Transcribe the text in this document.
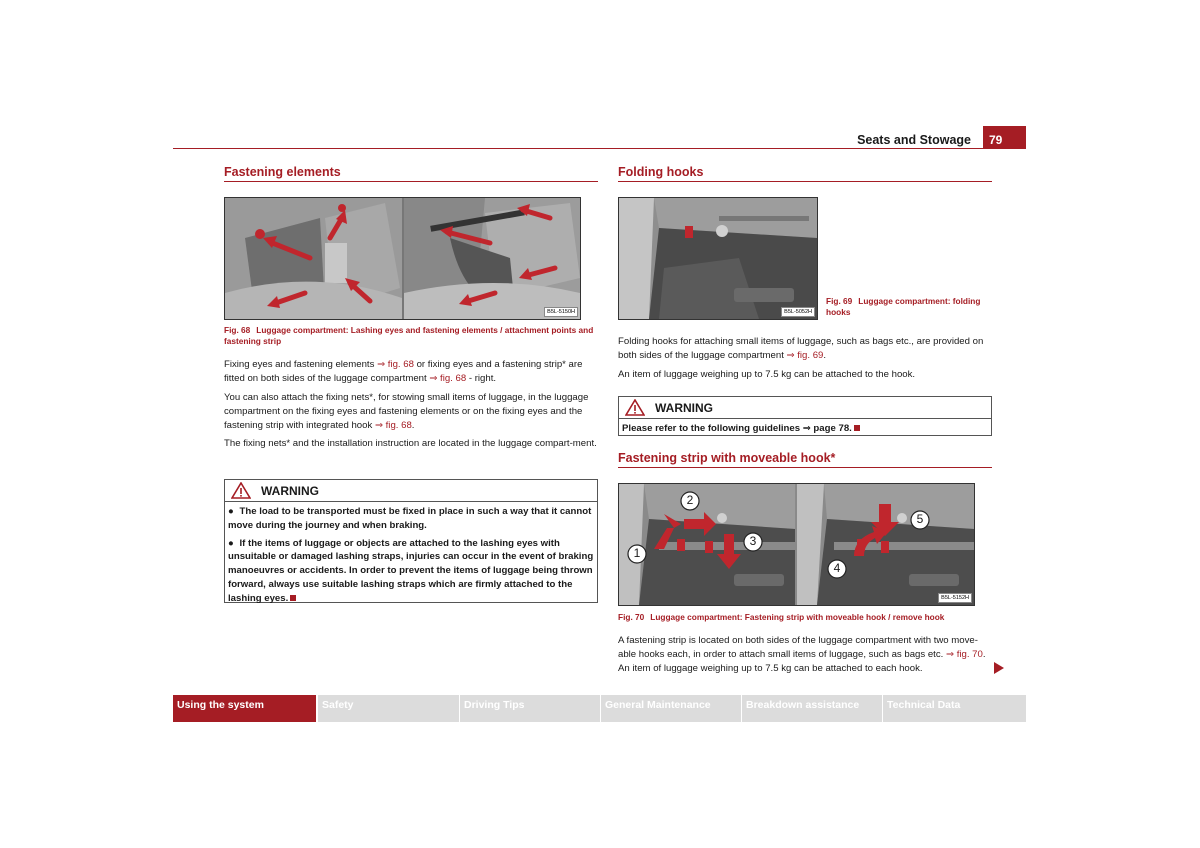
Seats and Stowage	79
Fastening elements
B5L-5150H
Fig. 68 Luggage compartment: Lashing eyes and fastening elements / attachment points and fastening strip
Fixing eyes and fastening elements ⇒ fig. 68 or fixing eyes and a fastening strip* are fitted on both sides of the luggage compartment ⇒ fig. 68 - right.
You can also attach the fixing nets*, for stowing small items of luggage, in the luggage compartment on the fixing eyes and fastening elements or on the fixing eyes and the fastening strip with integrated hook ⇒ fig. 68.
The fixing nets* and the installation instruction are located in the luggage compart-ment.
WARNING

● The load to be transported must be fixed in place in such a way that it cannot move during the journey and when braking.

● If the items of luggage or objects are attached to the lashing eyes with unsuitable or damaged lashing straps, injuries can occur in the event of braking manoeuvres or accidents. In order to prevent the items of luggage being thrown forward, always use suitable lashing straps which are firmly attached to the lashing eyes.

Folding hooks
B5L-5052H
Fig. 69 Luggage compartment: folding hooks
Folding hooks for attaching small items of luggage, such as bags etc., are provided on both sides of the luggage compartment ⇒ fig. 69.
An item of luggage weighing up to 7.5 kg can be attached to the hook.
WARNING
Please refer to the following guidelines ⇒ page 78.
Fastening strip with moveable hook*
1
2
3
4
5
B5L-5152H
Fig. 70 Luggage compartment: Fastening strip with moveable hook / remove hook
A fastening strip is located on both sides of the luggage compartment with two move-able hooks each, in order to attach small items of luggage, such as bags etc. ⇒ fig. 70.
An item of luggage weighing up to 7.5 kg can be attached to each hook.
Using the system	Safety	Driving Tips	General Maintenance	Breakdown assistance	Technical Data
